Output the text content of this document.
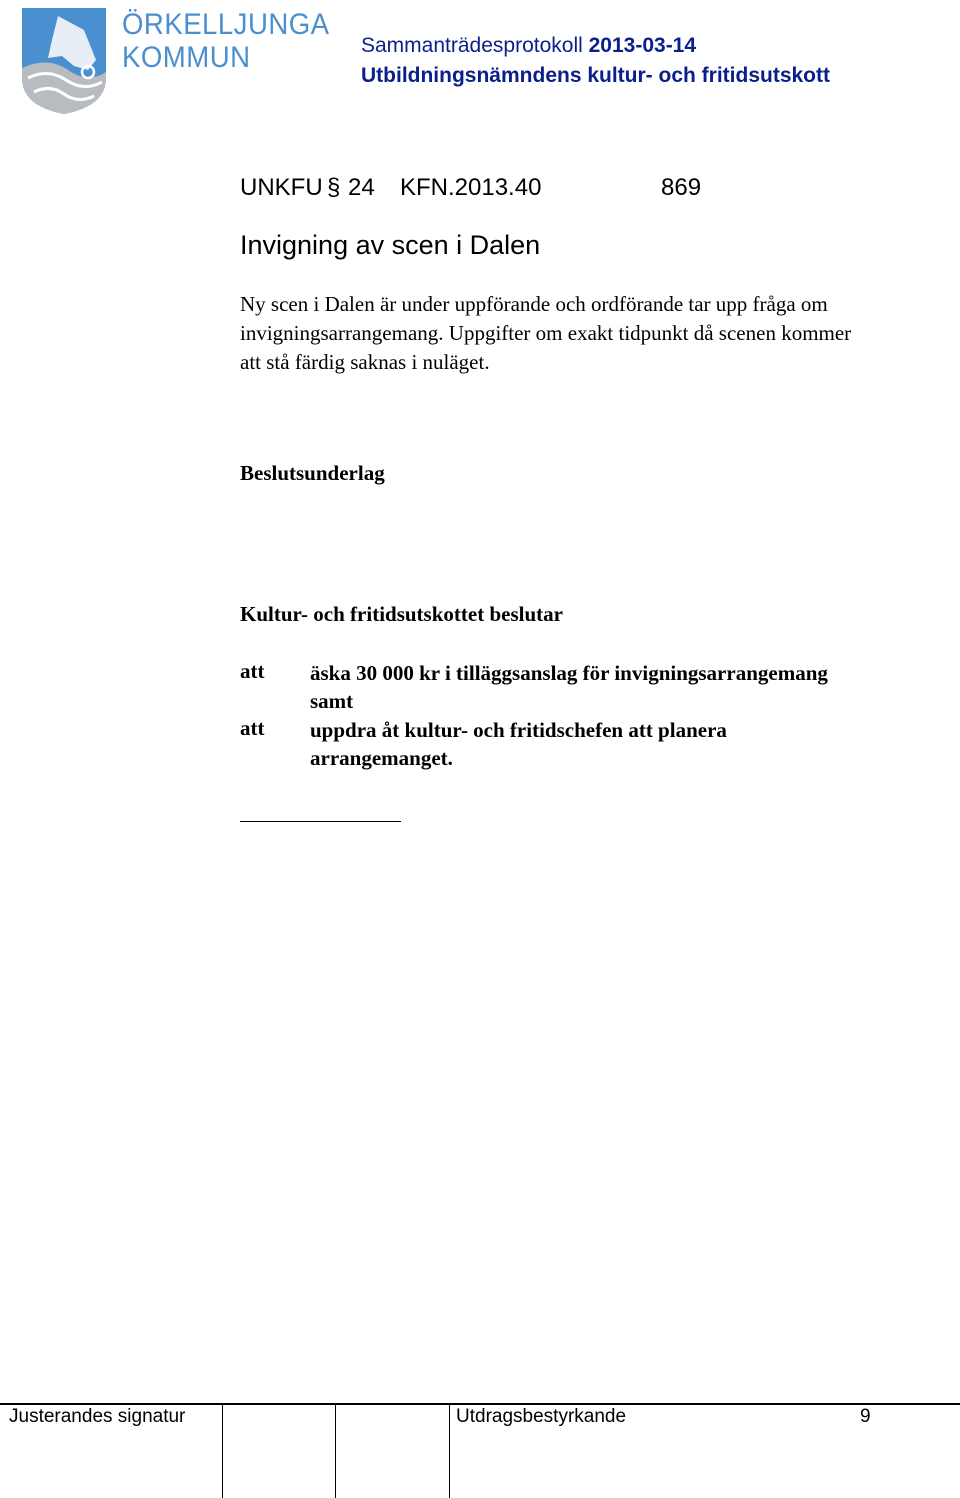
ÖRKELLJUNGA
KOMMUN	Sammanträdesprotokoll 2013-03-14
Utbildningsnämndens kultur- och fritidsutskott
UNKFU § 24 KFN.2013.40	869
Invigning av scen i Dalen
Ny scen i Dalen är under uppförande och ordförande tar upp fråga om
invigningsarrangemang. Uppgifter om exakt tidpunkt då scenen kommer
att stå färdig saknas i nuläget.
Beslutsunderlag
Kultur- och fritidsutskottet beslutar
att äska 30 000 kr i tilläggsanslag för invigningsarrangemang
samt
att uppdra åt kultur- och fritidschefen att planera
arrangemanget.
Justerandes signatur	Utdragsbestyrkande	9
